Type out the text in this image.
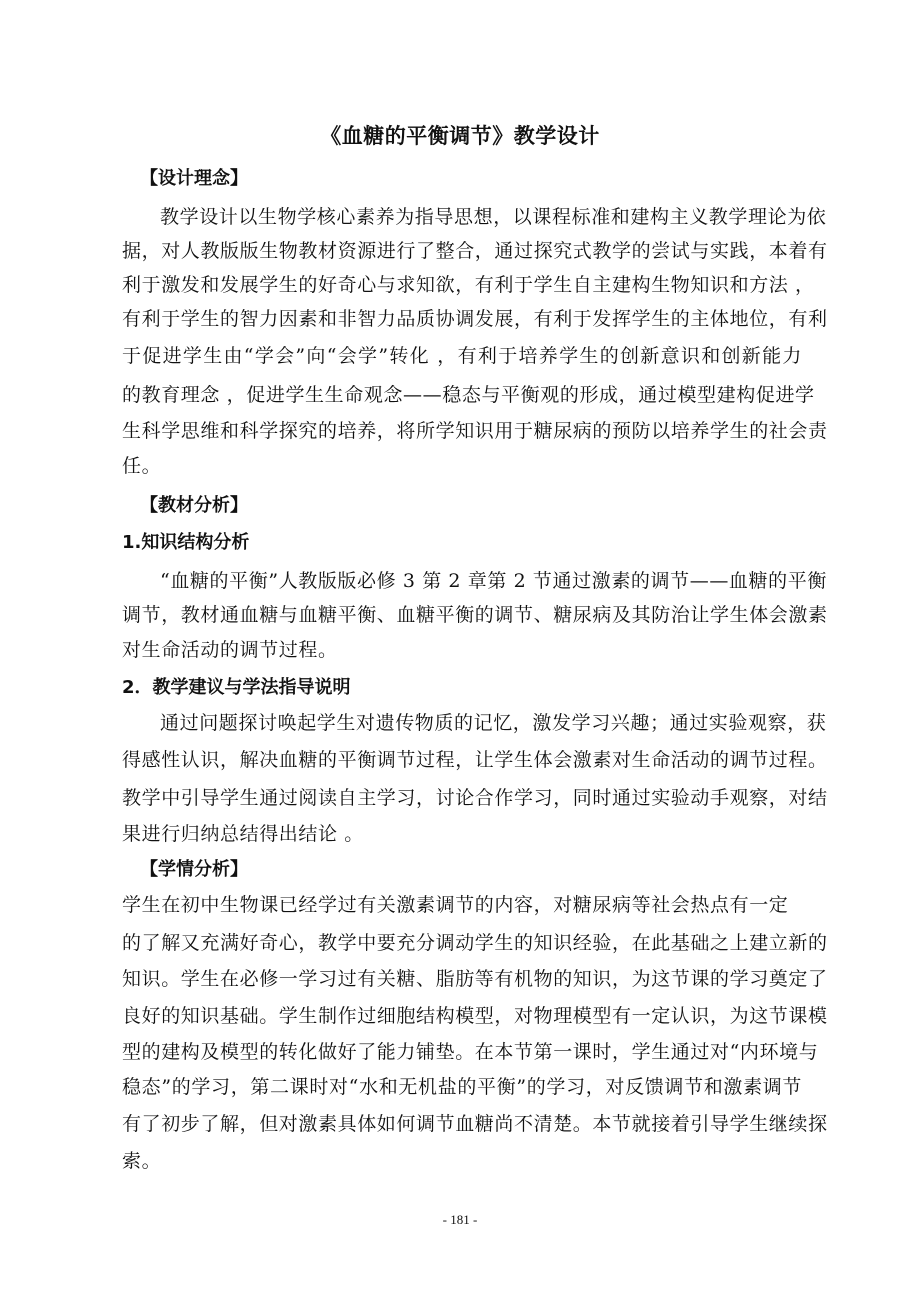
《血糖的平衡调节》教学设计
【设计理念】
教学设计以生物学核心素养为指导思想，以课程标准和建构主义教学理论为依
据，对人教版版生物教材资源进行了整合，通过探究式教学的尝试与实践，本着有
利于激发和发展学生的好奇心与求知欲，有利于学生自主建构生物知识和方法 ，
有利于学生的智力因素和非智力品质协调发展，有利于发挥学生的主体地位，有利
于促进学生由“学会”向“会学”转化 ，有利于培养学生的创新意识和创新能力
的教育理念 ，促进学生生命观念——稳态与平衡观的形成，通过模型建构促进学
生科学思维和科学探究的培养，将所学知识用于糖尿病的预防以培养学生的社会责
任。
【教材分析】
1.知识结构分析
“血糖的平衡”人教版版必修 3 第 2 章第 2 节通过激素的调节——血糖的平衡
调节，教材通血糖与血糖平衡、血糖平衡的调节、糖尿病及其防治让学生体会激素
对生命活动的调节过程。
2．教学建议与学法指导说明
通过问题探讨唤起学生对遗传物质的记忆，激发学习兴趣；通过实验观察，获
得感性认识，解决血糖的平衡调节过程，让学生体会激素对生命活动的调节过程。
教学中引导学生通过阅读自主学习，讨论合作学习，同时通过实验动手观察，对结
果进行归纳总结得出结论 。
【学情分析】
学生在初中生物课已经学过有关激素调节的内容，对糖尿病等社会热点有一定
的了解又充满好奇心，教学中要充分调动学生的知识经验，在此基础之上建立新的
知识。学生在必修一学习过有关糖、脂肪等有机物的知识，为这节课的学习奠定了
良好的知识基础。学生制作过细胞结构模型，对物理模型有一定认识，为这节课模
型的建构及模型的转化做好了能力铺垫。在本节第一课时，学生通过对“内环境与
稳态”的学习，第二课时对“水和无机盐的平衡”的学习，对反馈调节和激素调节
有了初步了解，但对激素具体如何调节血糖尚不清楚。本节就接着引导学生继续探
索。
- 181 -
